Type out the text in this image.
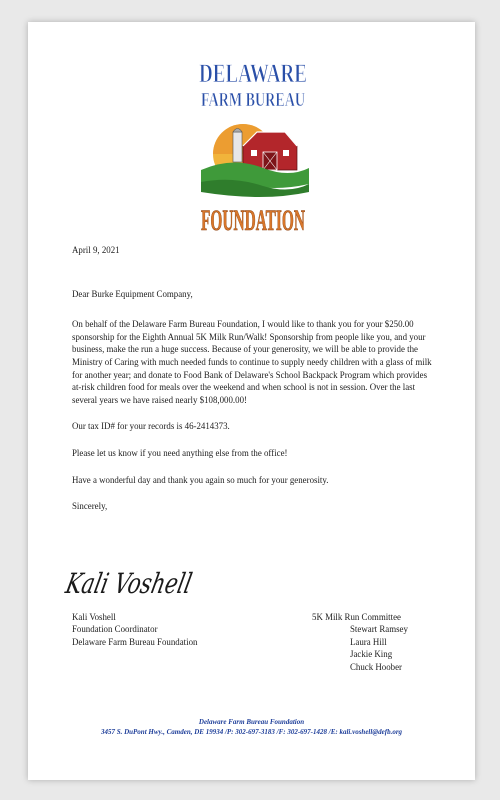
DELAWARE
FARM BUREAU
FOUNDATION

April 9, 2021

Dear Burke Equipment Company,

On behalf of the Delaware Farm Bureau Foundation, I would like to thank you for your $250.00 sponsorship for the Eighth Annual 5K Milk Run/Walk! Sponsorship from people like you, and your business, make the run a huge success. Because of your generosity, we will be able to provide the Ministry of Caring with much needed funds to continue to supply needy children with a glass of milk for another year; and donate to Food Bank of Delaware's School Backpack Program which provides at-risk children food for meals over the weekend and when school is not in session. Over the last several years we have raised nearly $108,000.00!

Our tax ID# for your records is 46-2414373.

Please let us know if you need anything else from the office!

Have a wonderful day and thank you again so much for your generosity.

Sincerely,

Kali Voshell
Kali Voshell
Foundation Coordinator
Delaware Farm Bureau Foundation
5K Milk Run Committee
Stewart Ramsey
Laura Hill
Jackie King
Chuck Hoober
Delaware Farm Bureau Foundation
3457 S. DuPont Hwy., Camden, DE 19934 /P: 302-697-3183 /F: 302-697-1428 /E: kali.voshell@defb.org
